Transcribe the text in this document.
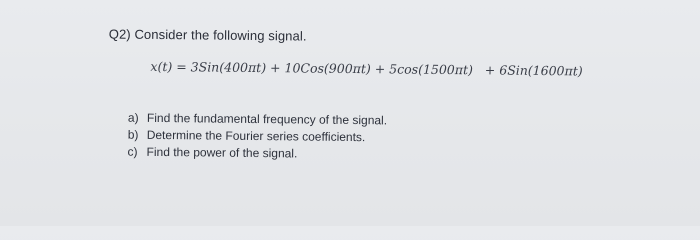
Q2) Consider the following signal.
x(t) = 3Sin(400πt) + 10Cos(900πt) + 5cos(1500πt)   + 6Sin(1600πt)
a) Find the fundamental frequency of the signal.
b) Determine the Fourier series coefficients.
c) Find the power of the signal.
